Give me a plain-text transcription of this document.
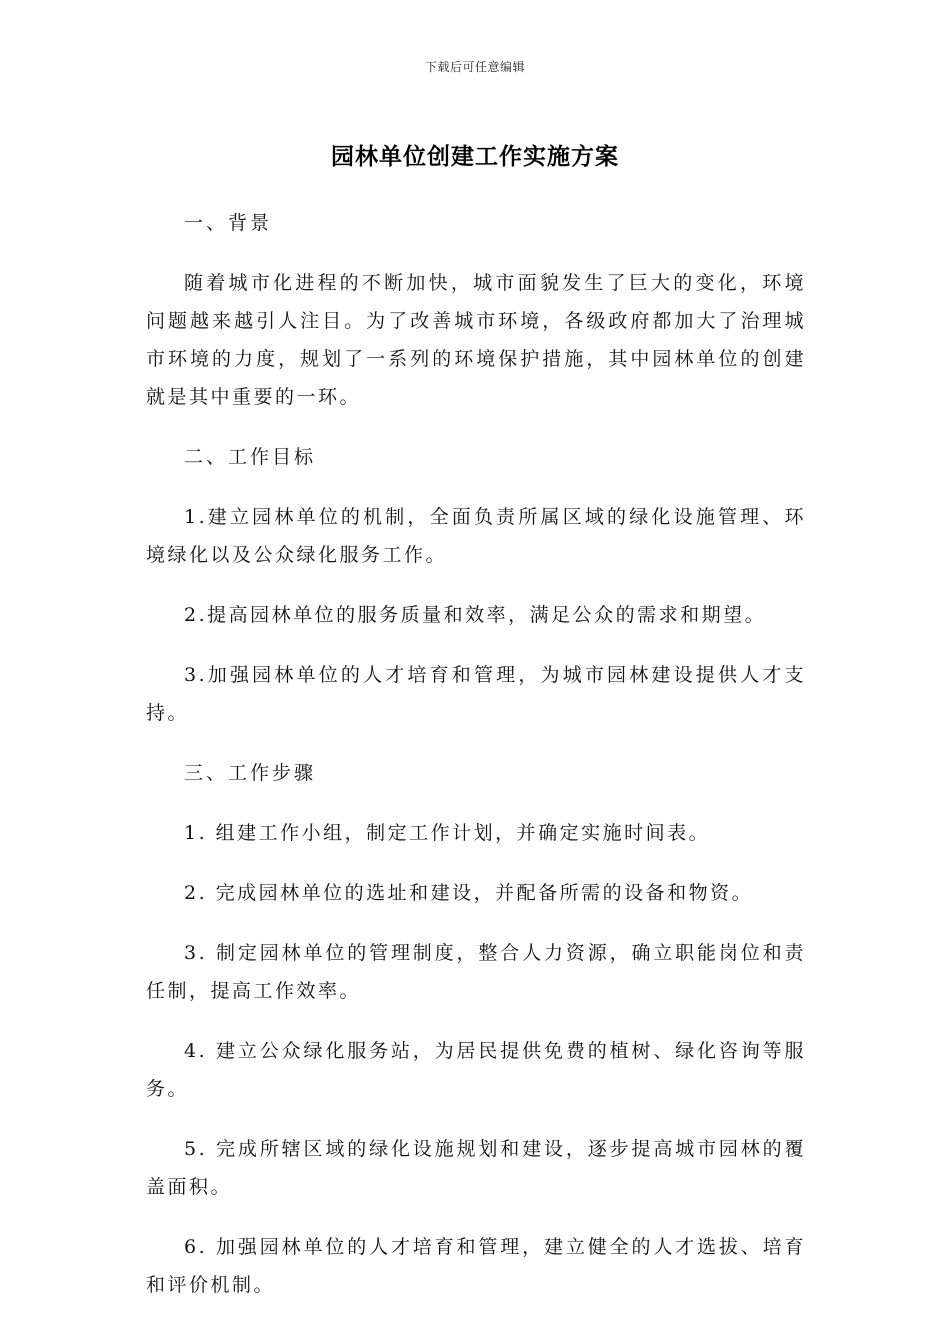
下载后可任意编辑
园林单位创建工作实施方案

一、背景

随着城市化进程的不断加快，城市面貌发生了巨大的变化，环境问题越来越引人注目。为了改善城市环境，各级政府都加大了治理城市环境的力度，规划了一系列的环境保护措施，其中园林单位的创建就是其中重要的一环。

二、工作目标

1.建立园林单位的机制，全面负责所属区域的绿化设施管理、环境绿化以及公众绿化服务工作。

2.提高园林单位的服务质量和效率，满足公众的需求和期望。

3.加强园林单位的人才培育和管理，为城市园林建设提供人才支持。

三、工作步骤

1. 组建工作小组，制定工作计划，并确定实施时间表。

2. 完成园林单位的选址和建设，并配备所需的设备和物资。

3. 制定园林单位的管理制度，整合人力资源，确立职能岗位和责任制，提高工作效率。

4. 建立公众绿化服务站，为居民提供免费的植树、绿化咨询等服务。

5. 完成所辖区域的绿化设施规划和建设，逐步提高城市园林的覆盖面积。

6. 加强园林单位的人才培育和管理，建立健全的人才选拔、培育和评价机制。
